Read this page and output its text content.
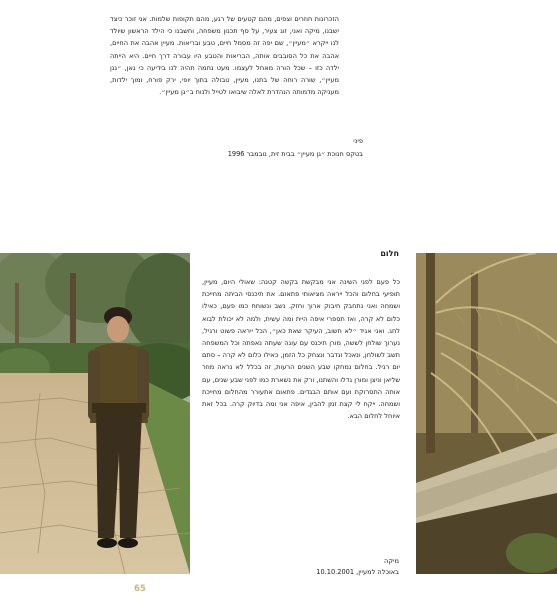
הזכרונות חוזרים וצפים, מהם קטעים של רגע, מהם תקופות שלמות. אני זוכר כיצד ישבנו, מיקה ואני, זוג צעיר, על סף תכנון משפחה, וחשבנו כי הילד הראשון שיולד לנו ייקרא ״מעיין״, שם יפה זה מסמל חיים, טבע ובריאות. מעיין אהבה את החיים, אהבה את כל הסובבים אותה, הבריאות והטבע היו עבורה דרך חיים. היא הייתה ילדה כזו – שכל הורה מאחל לעצמו. מעט נחמה תהיה לנו בידיעה כי גאן, ״גנן מעיין״, שורה רוחה של בתנו, מעיין, טבולה בתוך יופי, ירק פורח, ומוך ילדות, מעניקה מדמותה הנהדרת לאלה שיבואו לטייל ולנוח ב״גן מעיין״.

פיני

בטקס חנוכת ״גן מעיין״ בבית זית, נובמבר 1996

חלום

כל פעם לפני השינה אני מבקשת בקשה קטנה: שאולי היום, מעיין, תופיעי בחלום והכל ייראה מציאותי פתאום. את תיכנסי הביתה מחייכת ושמחה ואני נתחבק חיבוק ארוך וחזק. נשב ונשוחח כמו פעם, כאילו כלום לא קרה, ואז תספרי איפה היית ומה עשית, ולמה לא יכולת לבוא לחג. ואני אגיד ״לא חשוב, העיקר שאת כאן״, הכל ייראה פשוט ורגיל, נערוך שולחן לששה, מורן תיכנס עם עוגה שעתה נאפתה וכל המשפחה תשב לשולחן, ונאכל ונדבר ונצחק כל הזמן, כאילו כלום לא קרה – סתם יום רגיל. בחלום נמחקו שבע השנים הרעות, זה בכלל לא נראה מוזר שליאן וניצן ומורן גדלו והשתנו, ורק את נשארת כמו לפני שבע שנים, עם אותה התסרוקת ועם אותם הבגדים. פתאום אתעורר מהחלום מחייכת ושמחה. ייקח לי קצת זמן להבין, איפה אני ומה בדיוק קרה. בכל זאת איוחל לחלום הבא.

מיקה

באוכלה למעיין, 10.10.2001

65
